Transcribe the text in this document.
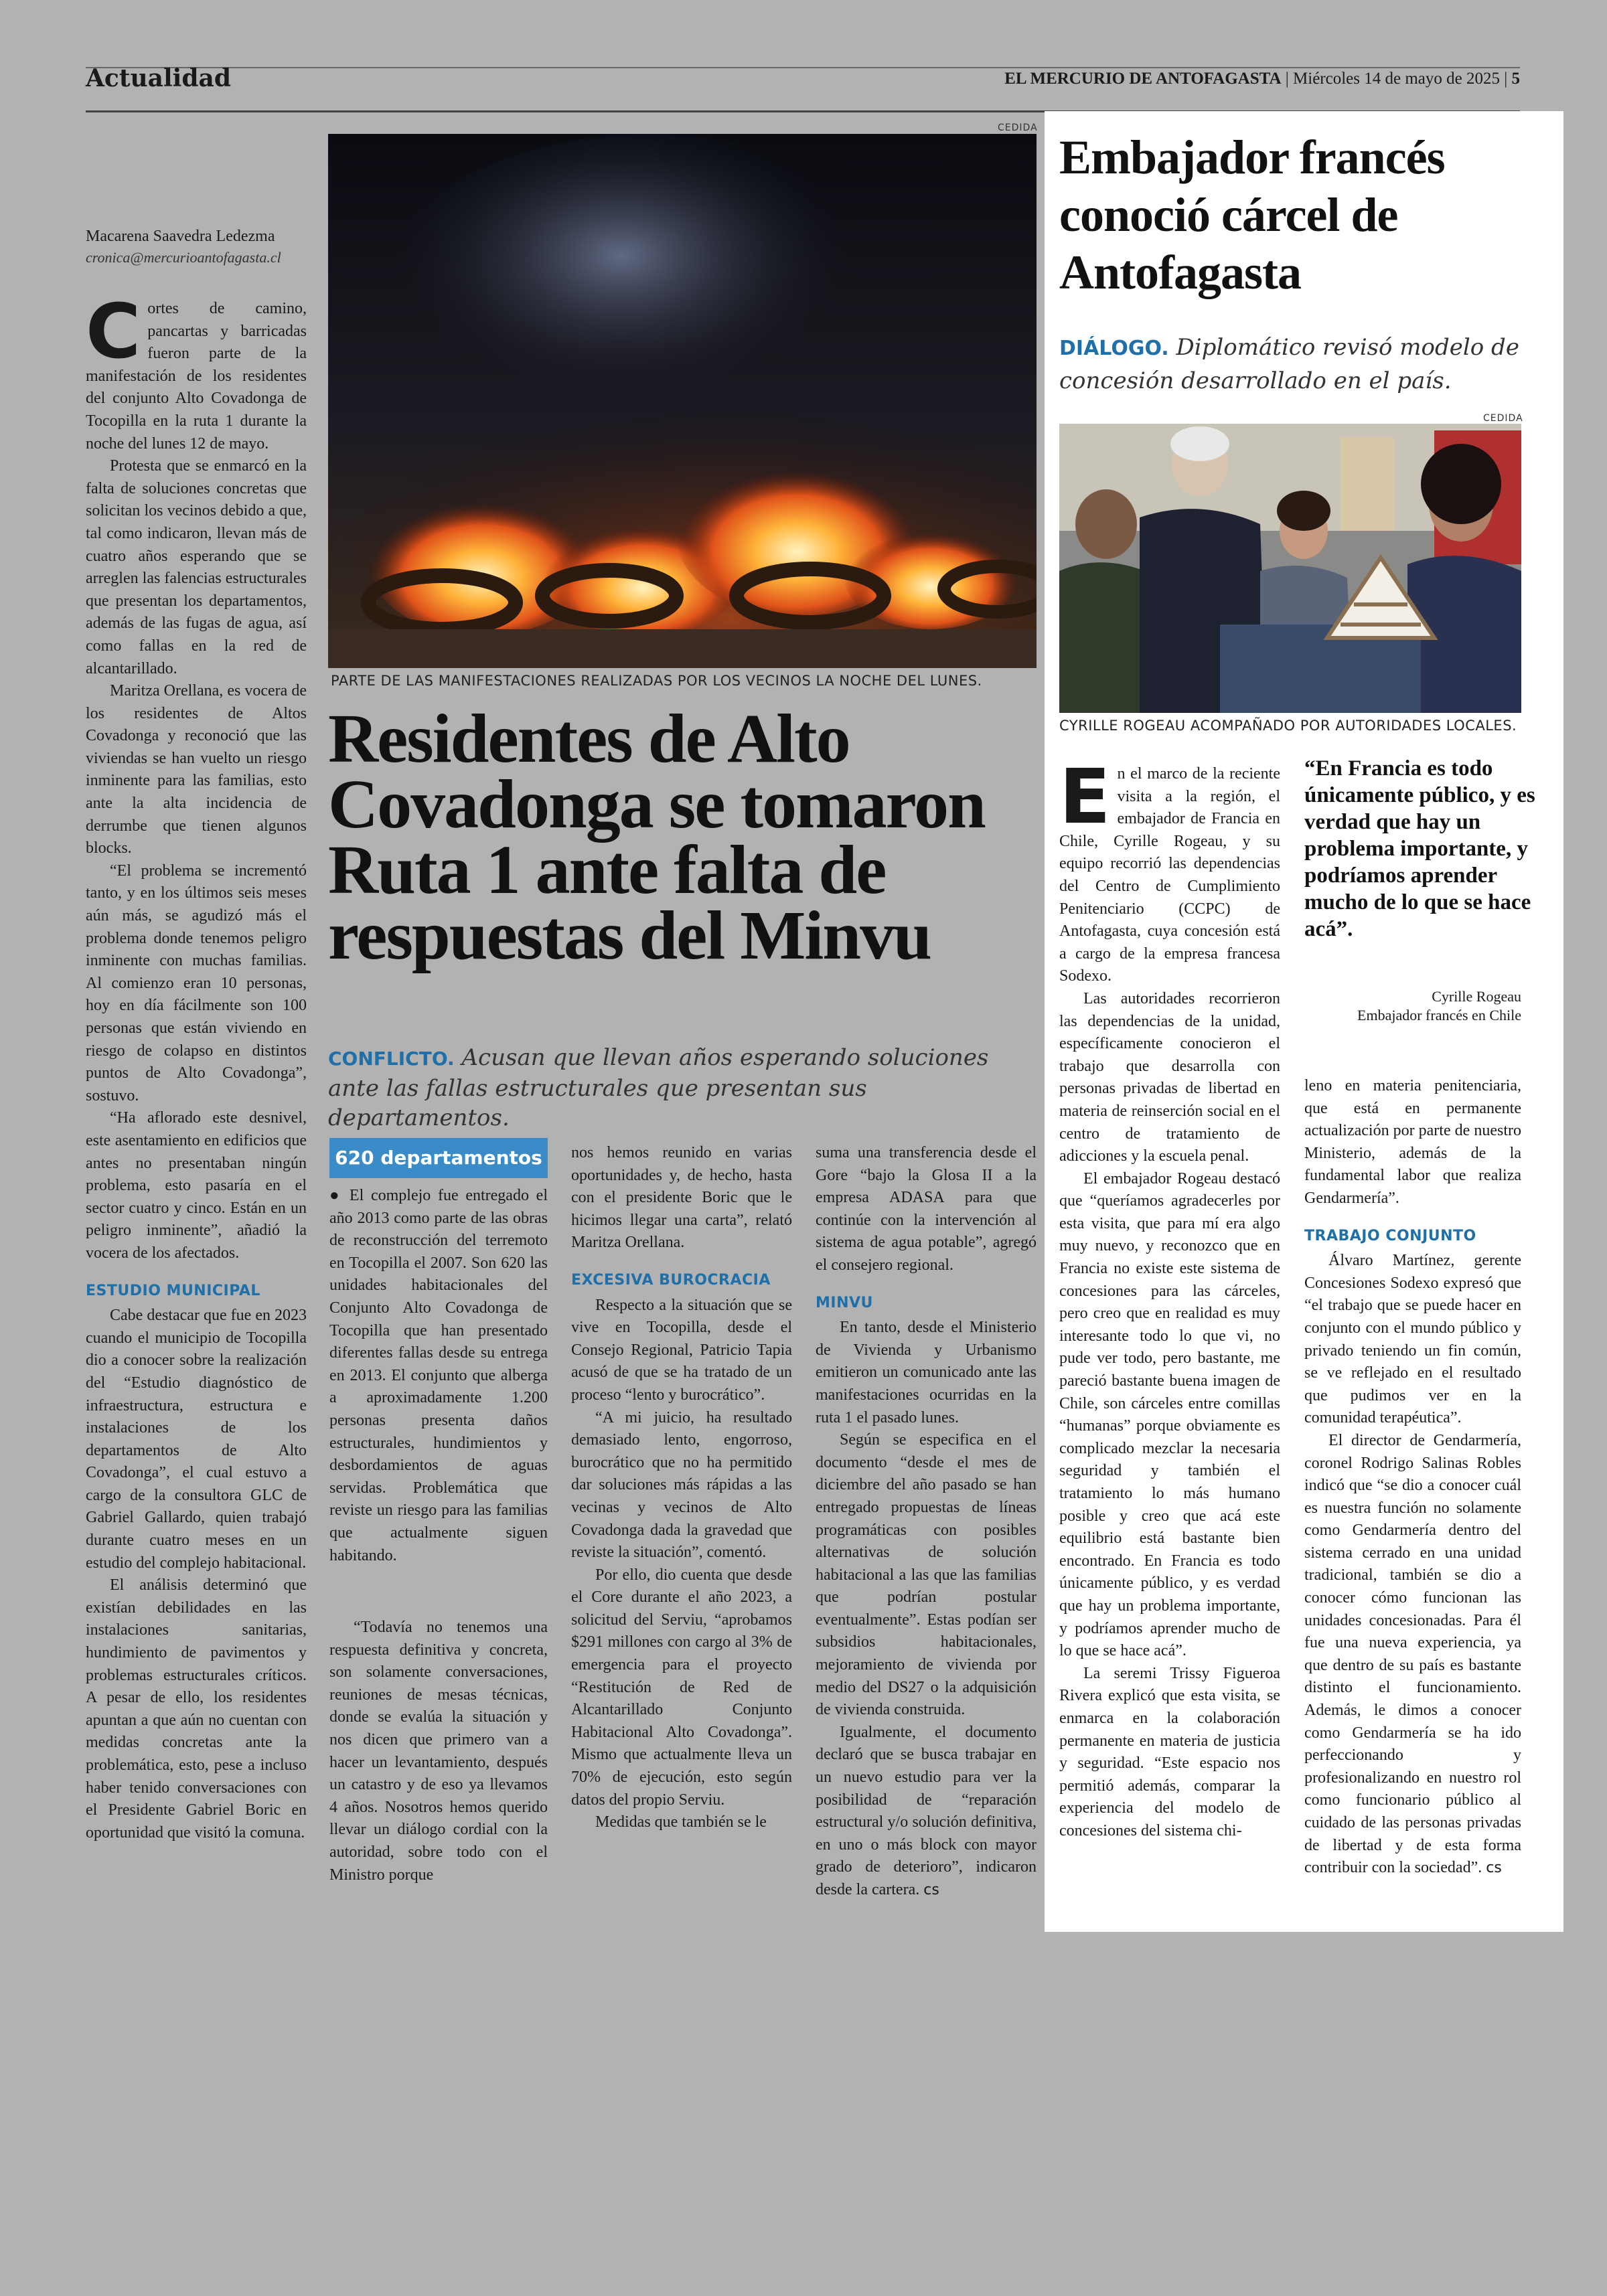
Actualidad	EL MERCURIO DE ANTOFAGASTA | Miércoles 14 de mayo de 2025 | 5
CEDIDA
PARTE DE LAS MANIFESTACIONES REALIZADAS POR LOS VECINOS LA NOCHE DEL LUNES.
Macarena Saavedra Ledezma
cronica@mercurioantofagasta.cl
Residentes de Alto Covadonga se tomaron Ruta 1 ante falta de respuestas del Minvu
CONFLICTO. Acusan que llevan años esperando soluciones ante las fallas estructurales que presentan sus departamentos.

Cortes de camino, pancartas y barricadas fueron parte de la manifestación de los residentes del conjunto Alto Covadonga de Tocopilla en la ruta 1 durante la noche del lunes 12 de mayo.

Protesta que se enmarcó en la falta de soluciones concretas que solicitan los vecinos debido a que, tal como indicaron, llevan más de cuatro años esperando que se arreglen las falencias estructurales que presentan los departamentos, además de las fugas de agua, así como fallas en la red de alcantarillado.

Maritza Orellana, es vocera de los residentes de Altos Covadonga y reconoció que las viviendas se han vuelto un riesgo inminente para las familias, esto ante la alta incidencia de derrumbe que tienen algunos blocks.

“El problema se incrementó tanto, y en los últimos seis meses aún más, se agudizó más el problema donde tenemos peligro inminente con muchas familias. Al comienzo eran 10 personas, hoy en día fácilmente son 100 personas que están viviendo en riesgo de colapso en distintos puntos de Alto Covadonga”, sostuvo.

“Ha aflorado este desnivel, este asentamiento en edificios que antes no presentaban ningún problema, esto pasaría en el sector cuatro y cinco. Están en un peligro inminente”, añadió la vocera de los afectados.

ESTUDIO MUNICIPAL

Cabe destacar que fue en 2023 cuando el municipio de Tocopilla dio a conocer sobre la realización del “Estudio diagnóstico de infraestructura, estructura e instalaciones de los departamentos de Alto Covadonga”, el cual estuvo a cargo de la consultora GLC de Gabriel Gallardo, quien trabajó durante cuatro meses en un estudio del complejo habitacional.

El análisis determinó que existían debilidades en las instalaciones sanitarias, hundimiento de pavimentos y problemas estructurales críticos. A pesar de ello, los residentes apuntan a que aún no cuentan con medidas concretas ante la problemática, esto, pese a incluso haber tenido conversaciones con el Presidente Gabriel Boric en oportunidad que visitó la comuna.

620 departamentos

● El complejo fue entregado el año 2013 como parte de las obras de reconstrucción del terremoto en Tocopilla el 2007. Son 620 las unidades habitacionales del Conjunto Alto Covadonga de Tocopilla que han presentado diferentes fallas desde su entrega en 2013. El conjunto que alberga a aproximadamente 1.200 personas presenta daños estructurales, hundimientos y desbordamientos de aguas servidas. Problemática que reviste un riesgo para las familias que actualmente siguen habitando.

“Todavía no tenemos una respuesta definitiva y concreta, son solamente conversaciones, reuniones de mesas técnicas, donde se evalúa la situación y nos dicen que primero van a hacer un levantamiento, después un catastro y de eso ya llevamos 4 años. Nosotros hemos querido llevar un diálogo cordial con la autoridad, sobre todo con el Ministro porque

nos hemos reunido en varias oportunidades y, de hecho, hasta con el presidente Boric que le hicimos llegar una carta”, relató Maritza Orellana.

EXCESIVA BUROCRACIA

Respecto a la situación que se vive en Tocopilla, desde el Consejo Regional, Patricio Tapia acusó de que se ha tratado de un proceso “lento y burocrático”.

“A mi juicio, ha resultado demasiado lento, engorroso, burocrático que no ha permitido dar soluciones más rápidas a las vecinas y vecinos de Alto Covadonga dada la gravedad que reviste la situación”, comentó.

Por ello, dio cuenta que desde el Core durante el año 2023, a solicitud del Serviu, “aprobamos $291 millones con cargo al 3% de emergencia para el proyecto “Restitución de Red de Alcantarillado Conjunto Habitacional Alto Covadonga”. Mismo que actualmente lleva un 70% de ejecución, esto según datos del propio Serviu.

Medidas que también se le

suma una transferencia desde el Gore “bajo la Glosa II a la empresa ADASA para que continúe con la intervención al sistema de agua potable”, agregó el consejero regional.

MINVU

En tanto, desde el Ministerio de Vivienda y Urbanismo emitieron un comunicado ante las manifestaciones ocurridas en la ruta 1 el pasado lunes.

Según se especifica en el documento “desde el mes de diciembre del año pasado se han entregado propuestas de líneas programáticas con posibles alternativas de solución habitacional a las que las familias que podrían postular eventualmente”. Estas podían ser subsidios habitacionales, mejoramiento de vivienda por medio del DS27 o la adquisición de vivienda construida.

Igualmente, el documento declaró que se busca trabajar en un nuevo estudio para ver la posibilidad de “reparación estructural y/o solución definitiva, en uno o más block con mayor grado de deterioro”, indicaron desde la cartera. cs

Embajador francés conoció cárcel de Antofagasta
DIÁLOGO. Diplomático revisó modelo de concesión desarrollado en el país.
CEDIDA
CYRILLE ROGEAU ACOMPAÑADO POR AUTORIDADES LOCALES.

En el marco de la reciente visita a la región, el embajador de Francia en Chile, Cyrille Rogeau, y su equipo recorrió las dependencias del Centro de Cumplimiento Penitenciario (CCPC) de Antofagasta, cuya concesión está a cargo de la empresa francesa Sodexo.

Las autoridades recorrieron las dependencias de la unidad, específicamente conocieron el trabajo que desarrolla con personas privadas de libertad en materia de reinserción social en el centro de tratamiento de adicciones y la escuela penal.

El embajador Rogeau destacó que “queríamos agradecerles por esta visita, que para mí era algo muy nuevo, y reconozco que en Francia no existe este sistema de concesiones para las cárceles, pero creo que en realidad es muy interesante todo lo que vi, no pude ver todo, pero bastante, me pareció bastante buena imagen de Chile, son cárceles entre comillas “humanas” porque obviamente es complicado mezclar la necesaria seguridad y también el tratamiento lo más humano posible y creo que acá este equilibrio está bastante bien encontrado. En Francia es todo únicamente público, y es verdad que hay un problema importante, y podríamos aprender mucho de lo que se hace acá”.

La seremi Trissy Figueroa Rivera explicó que esta visita, se enmarca en la colaboración permanente en materia de justicia y seguridad. “Este espacio nos permitió además, comparar la experiencia del modelo de concesiones del sistema chi-

“En Francia es todo únicamente público, y es verdad que hay un problema importante, y podríamos aprender mucho de lo que se hace acá”.
Cyrille Rogeau
Embajador francés en Chile

leno en materia penitenciaria, que está en permanente actualización por parte de nuestro Ministerio, además de la fundamental labor que realiza Gendarmería”.

TRABAJO CONJUNTO

Álvaro Martínez, gerente Concesiones Sodexo expresó que “el trabajo que se puede hacer en conjunto con el mundo público y privado teniendo un fin común, se ve reflejado en el resultado que pudimos ver en la comunidad terapéutica”.

El director de Gendarmería, coronel Rodrigo Salinas Robles indicó que “se dio a conocer cuál es nuestra función no solamente como Gendarmería dentro del sistema cerrado en una unidad tradicional, también se dio a conocer cómo funcionan las unidades concesionadas. Para él fue una nueva experiencia, ya que dentro de su país es bastante distinto el funcionamiento. Además, le dimos a conocer como Gendarmería se ha ido perfeccionando y profesionalizando en nuestro rol como funcionario público al cuidado de las personas privadas de libertad y de esta forma contribuir con la sociedad”. cs
